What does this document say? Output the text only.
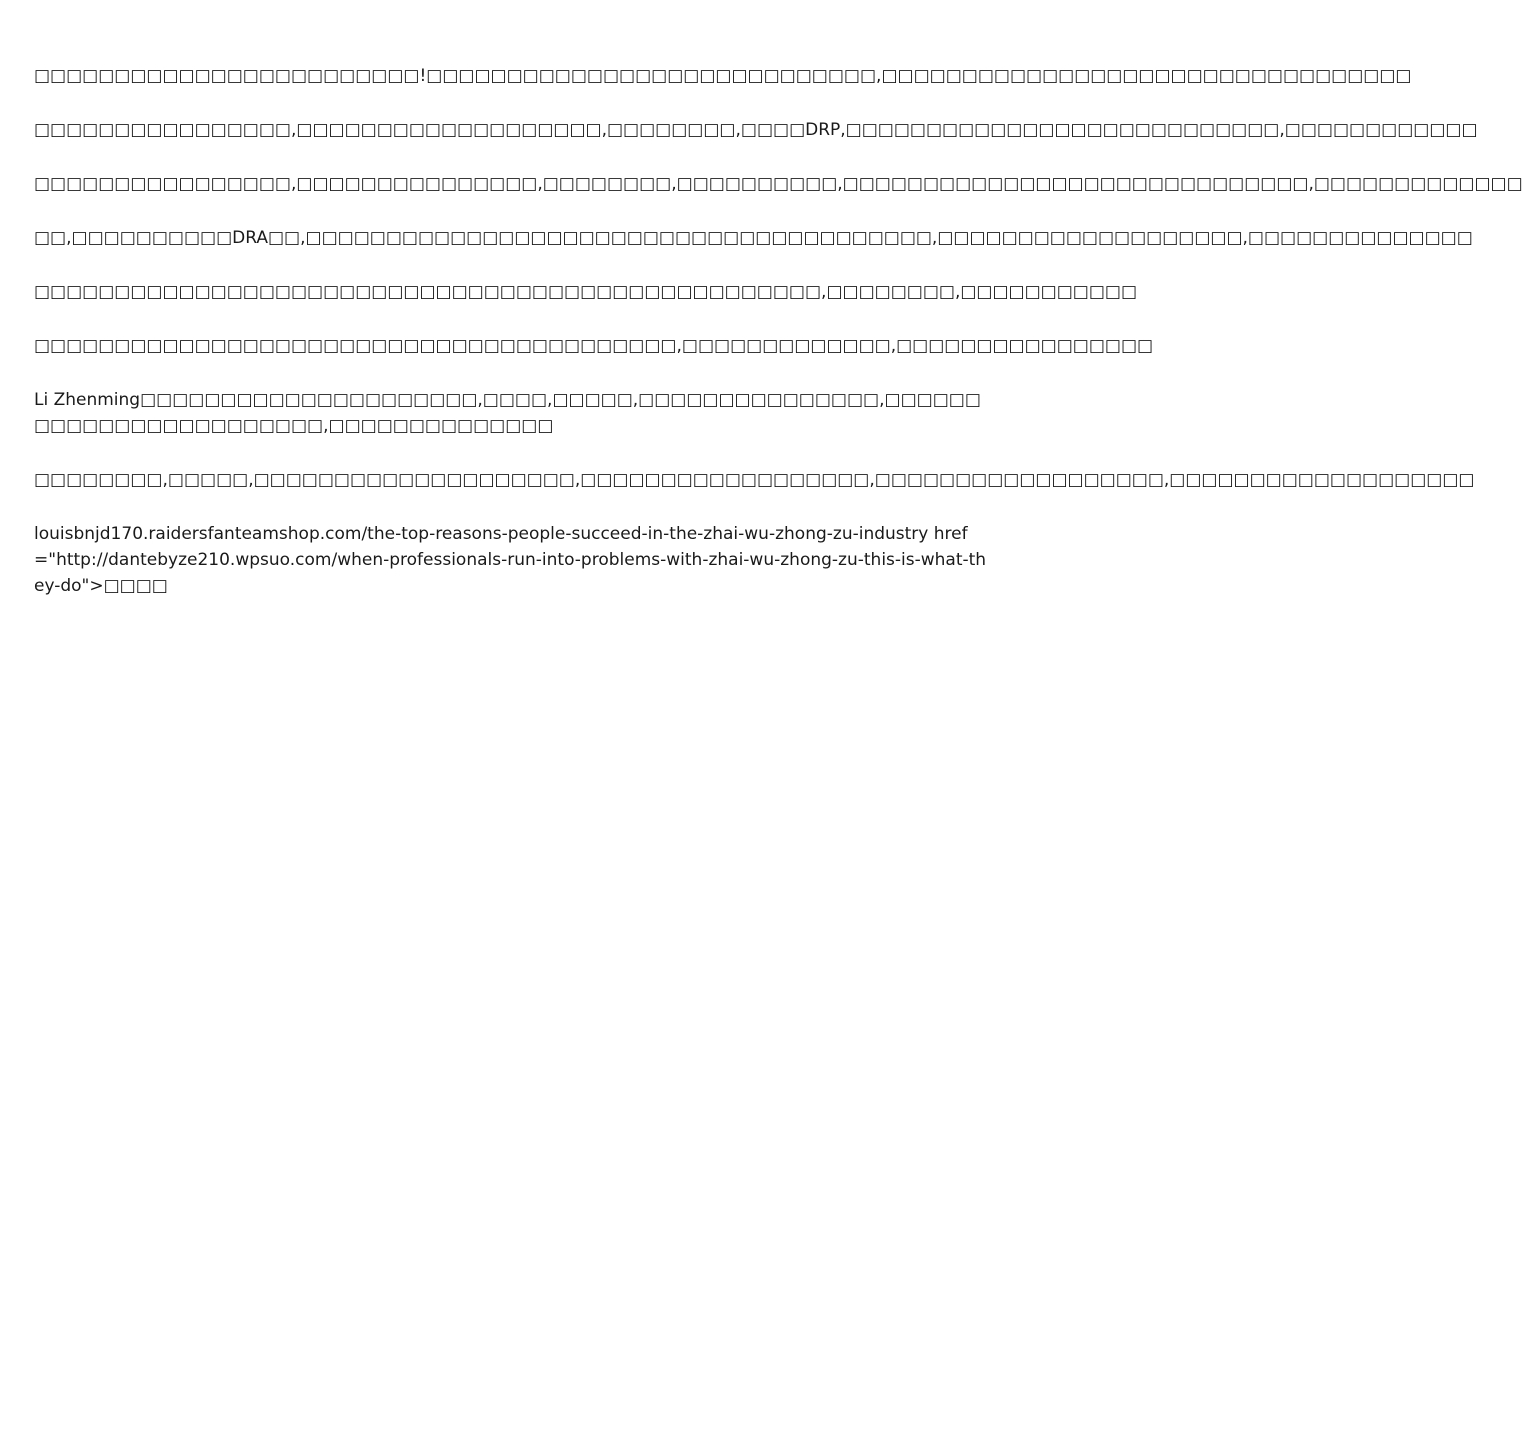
□□□□□□□□□□□□□□□□□□□□□□□□!□□□□□□□□□□□□□□□□□□□□□□□□□□□□,□□□□□□□□□□□□□□□□□□□□□□□□□□□□□□□□□

□□□□□□□□□□□□□□□□,□□□□□□□□□□□□□□□□□□□,□□□□□□□□,□□□□DRP,□□□□□□□□□□□□□□□□□□□□□□□□□□□,□□□□□□□□□□□□

□□□□□□□□□□□□□□□□,□□□□□□□□□□□□□□□,□□□□□□□□,□□□□□□□□□□,□□□□□□□□□□□□□□□□□□□□□□□□□□□□□,□□□□□□□□□□□□□

□□,□□□□□□□□□□DRA□□,□□□□□□□□□□□□□□□□□□□□□□□□□□□□□□□□□□□□□□□,□□□□□□□□□□□□□□□□□□□,□□□□□□□□□□□□□□

□□□□□□□□□□□□□□□□□□□□□□□□□□□□□□□□□□□□□□□□□□□□□□□□□,□□□□□□□□,□□□□□□□□□□□

□□□□□□□□□□□□□□□□□□□□□□□□□□□□□□□□□□□□□□□□,□□□□□□□□□□□□□,□□□□□□□□□□□□□□□□

Li Zhenming□□□□□□□□□□□□□□□□□□□□□,□□□□,□□□□□,□□□□□□□□□□□□□□□,□□□□□□□□□□□□□□□□□□□□□□□□,□□□□□□□□□□□□□□

□□□□□□□□,□□□□□,□□□□□□□□□□□□□□□□□□□□,□□□□□□□□□□□□□□□□□□,□□□□□□□□□□□□□□□□□□,□□□□□□□□□□□□□□□□□□□

louisbnjd170.raidersfanteamshop.com/the-top-reasons-people-succeed-in-the-zhai-wu-zhong-zu-industry href="http://dantebyze210.wpsuo.com/when-professionals-run-into-problems-with-zhai-wu-zhong-zu-this-is-what-they-do">□□□□
